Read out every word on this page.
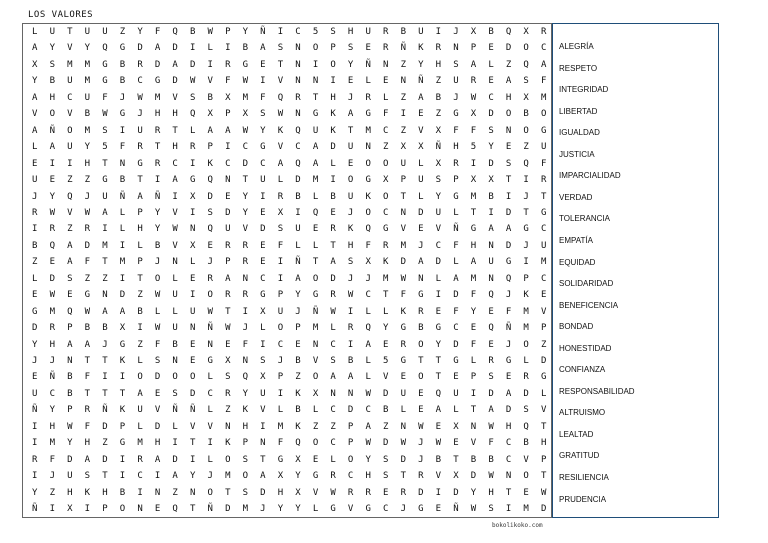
LOS VALORES
L	U	T	U	U	Z	Y	F	Q	B	W	P	Y	Ñ	I	C	5	S	H	U	R	B	U	I	J	X	B	Q	X	R
A	Y	V	Y	Q	G	D	A	D	I	L	I	B	A	S	N	O	P	S	E	R	Ñ	K	R	N	P	E	D	O	C
X	S	M	M	G	B	R	D	A	D	I	R	G	E	T	N	I	O	Y	Ñ	N	Z	Y	H	S	A	L	Z	Q	A
Y	B	U	M	G	B	C	G	D	W	V	F	W	I	V	N	N	I	E	L	E	N	Ñ	Z	U	R	E	A	S	F
A	H	C	U	F	J	W	M	V	S	B	X	M	F	Q	R	T	H	J	R	L	Z	A	B	J	W	C	H	X	M
V	O	V	B	W	G	J	H	H	Q	X	P	X	S	W	N	G	K	A	G	F	I	E	Z	G	X	D	O	B	O
A	Ñ	O	M	S	I	U	R	T	L	A	A	W	Y	K	Q	U	K	T	M	C	Z	V	X	F	F	S	N	O	G
L	A	U	Y	5	F	R	T	H	R	P	I	C	G	V	C	A	D	U	N	Z	X	X	Ñ	H	5	Y	E	Z	U
E	I	I	H	T	N	G	R	C	I	K	C	D	C	A	Q	A	L	E	O	O	U	L	X	R	I	D	S	Q	F
U	E	Z	Z	G	B	T	I	A	G	Q	N	T	U	L	D	M	I	O	G	X	P	U	S	P	X	X	T	I	R
J	Y	Q	J	U	Ñ	A	Ñ	I	X	D	E	Y	I	R	B	L	B	U	K	O	T	L	Y	G	M	B	I	J	T
R	W	V	W	A	L	P	Y	V	I	S	D	Y	E	X	I	Q	E	J	O	C	N	D	U	L	T	I	D	T	G
I	R	Z	R	I	L	H	Y	W	N	Q	U	V	D	S	U	E	R	K	Q	G	V	E	V	Ñ	G	A	A	G	C
B	Q	A	D	M	I	L	B	V	X	E	R	R	E	F	L	L	T	H	F	R	M	J	C	F	H	N	D	J	U
Z	E	A	F	T	M	P	J	N	L	J	P	R	E	I	Ñ	T	A	S	X	K	D	A	D	L	A	U	G	I	M
L	D	S	Z	Z	I	T	O	L	E	R	A	N	C	I	A	O	D	J	J	M	W	N	L	A	M	N	Q	P	C
E	W	E	G	N	D	Z	W	U	I	O	R	R	G	P	Y	G	R	W	C	T	F	G	I	D	F	Q	J	K	E
G	M	Q	W	A	A	B	L	L	U	W	T	I	X	U	J	Ñ	W	I	L	L	K	R	E	F	Y	E	F	M	V
D	R	P	B	B	X	I	W	U	N	Ñ	W	J	L	O	P	M	L	R	Q	Y	G	B	G	C	E	Q	Ñ	M	P
Y	H	A	A	J	G	Z	F	B	E	N	E	F	I	C	E	N	C	I	A	E	R	O	Y	D	F	E	J	O	Z
J	J	N	T	T	K	L	S	N	E	G	X	N	S	J	B	V	S	B	L	5	G	T	T	G	L	R	G	L	D
E	Ñ	B	F	I	I	O	D	O	O	L	S	Q	X	P	Z	O	A	A	L	V	E	O	T	E	P	S	E	R	G
U	C	B	T	T	T	A	E	S	D	C	R	Y	U	I	K	X	N	N	W	D	U	E	Q	U	I	D	A	D	L
Ñ	Y	P	R	Ñ	K	U	V	Ñ	Ñ	L	Z	K	V	L	B	L	C	D	C	B	L	E	A	L	T	A	D	S	V
I	H	W	F	D	P	L	D	L	V	V	N	H	I	M	K	Z	Z	P	A	Z	N	W	E	X	N	W	H	Q	T
I	M	Y	H	Z	G	M	H	I	T	I	K	P	N	F	Q	O	C	P	W	D	W	J	W	E	V	F	C	B	H
R	F	D	A	D	I	R	A	D	I	L	O	S	T	G	X	E	L	O	Y	S	D	J	B	T	B	B	C	V	P
I	J	U	S	T	I	C	I	A	Y	J	M	O	A	X	Y	G	R	C	H	S	T	R	V	X	D	W	N	O	T
Y	Z	H	K	H	B	I	N	Z	N	O	T	S	D	H	X	V	W	R	R	E	R	D	I	D	Y	H	T	E	W
Ñ	I	X	I	P	O	N	E	Q	T	Ñ	D	M	J	Y	Y	L	G	V	G	C	J	G	E	Ñ	W	S	I	M	D
ALEGRÍA
RESPETO
INTEGRIDAD
LIBERTAD
IGUALDAD
JUSTICIA
IMPARCIALIDAD
VERDAD
TOLERANCIA
EMPATÍA
EQUIDAD
SOLIDARIDAD
BENEFICENCIA
BONDAD
HONESTIDAD
CONFIANZA
RESPONSABILIDAD
ALTRUISMO
LEALTAD
GRATITUD
RESILIENCIA
PRUDENCIA
bokolikoko.com
